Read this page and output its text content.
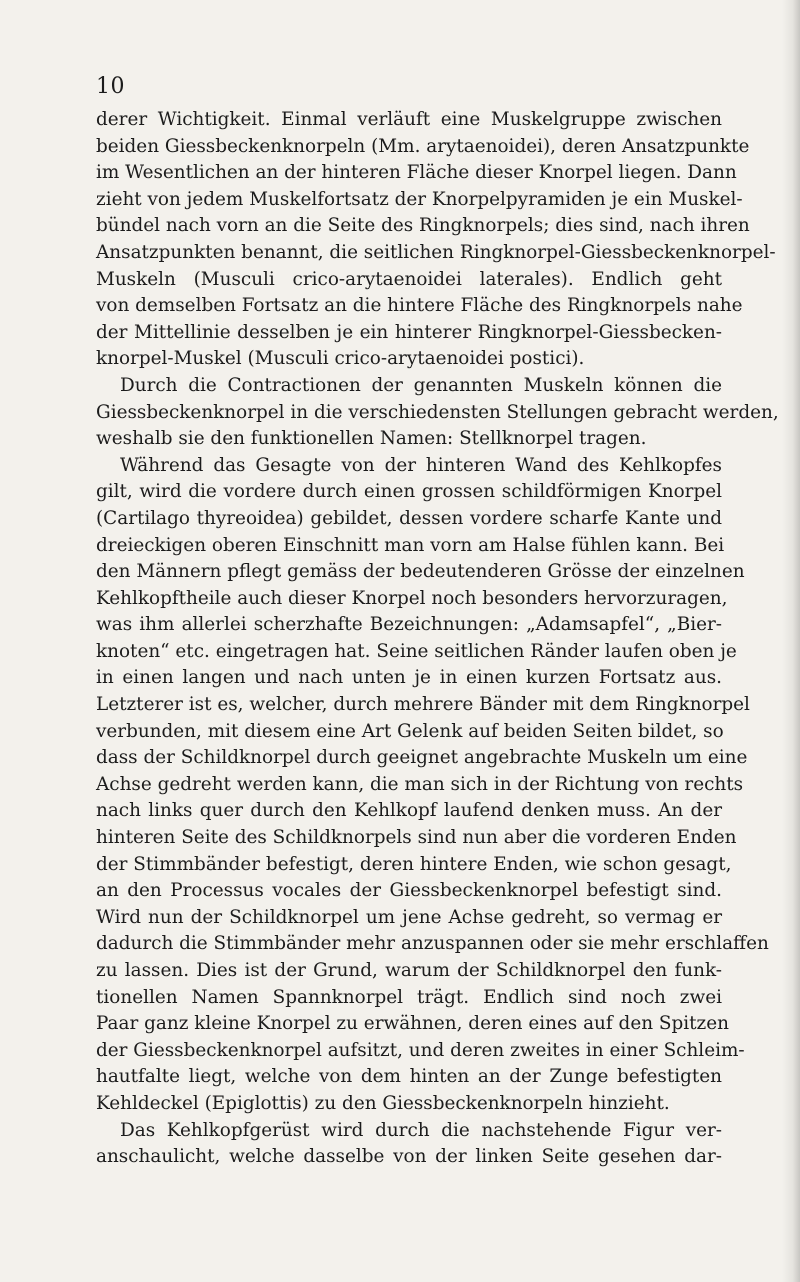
10
derer Wichtigkeit. Einmal verläuft eine Muskelgruppe zwischen
beiden Giessbeckenknorpeln (Mm. arytaenoidei), deren Ansatzpunkte
im Wesentlichen an der hinteren Fläche dieser Knorpel liegen. Dann
zieht von jedem Muskelfortsatz der Knorpelpyramiden je ein Muskel-
bündel nach vorn an die Seite des Ringknorpels; dies sind, nach ihren
Ansatzpunkten benannt, die seitlichen Ringknorpel-Giessbeckenknorpel-
Muskeln (Musculi crico-arytaenoidei laterales). Endlich geht
von demselben Fortsatz an die hintere Fläche des Ringknorpels nahe
der Mittellinie desselben je ein hinterer Ringknorpel-Giessbecken-
knorpel-Muskel (Musculi crico-arytaenoidei postici).
Durch die Contractionen der genannten Muskeln können die
Giessbeckenknorpel in die verschiedensten Stellungen gebracht werden,
weshalb sie den funktionellen Namen: Stellknorpel tragen.
Während das Gesagte von der hinteren Wand des Kehlkopfes
gilt, wird die vordere durch einen grossen schildförmigen Knorpel
(Cartilago thyreoidea) gebildet, dessen vordere scharfe Kante und
dreieckigen oberen Einschnitt man vorn am Halse fühlen kann. Bei
den Männern pflegt gemäss der bedeutenderen Grösse der einzelnen
Kehlkopftheile auch dieser Knorpel noch besonders hervorzuragen,
was ihm allerlei scherzhafte Bezeichnungen: „Adamsapfel“, „Bier-
knoten“ etc. eingetragen hat. Seine seitlichen Ränder laufen oben je
in einen langen und nach unten je in einen kurzen Fortsatz aus.
Letzterer ist es, welcher, durch mehrere Bänder mit dem Ringknorpel
verbunden, mit diesem eine Art Gelenk auf beiden Seiten bildet, so
dass der Schildknorpel durch geeignet angebrachte Muskeln um eine
Achse gedreht werden kann, die man sich in der Richtung von rechts
nach links quer durch den Kehlkopf laufend denken muss. An der
hinteren Seite des Schildknorpels sind nun aber die vorderen Enden
der Stimmbänder befestigt, deren hintere Enden, wie schon gesagt,
an den Processus vocales der Giessbeckenknorpel befestigt sind.
Wird nun der Schildknorpel um jene Achse gedreht, so vermag er
dadurch die Stimmbänder mehr anzuspannen oder sie mehr erschlaffen
zu lassen. Dies ist der Grund, warum der Schildknorpel den funk-
tionellen Namen Spannknorpel trägt. Endlich sind noch zwei
Paar ganz kleine Knorpel zu erwähnen, deren eines auf den Spitzen
der Giessbeckenknorpel aufsitzt, und deren zweites in einer Schleim-
hautfalte liegt, welche von dem hinten an der Zunge befestigten
Kehldeckel (Epiglottis) zu den Giessbeckenknorpeln hinzieht.
Das Kehlkopfgerüst wird durch die nachstehende Figur ver-
anschaulicht, welche dasselbe von der linken Seite gesehen dar-
